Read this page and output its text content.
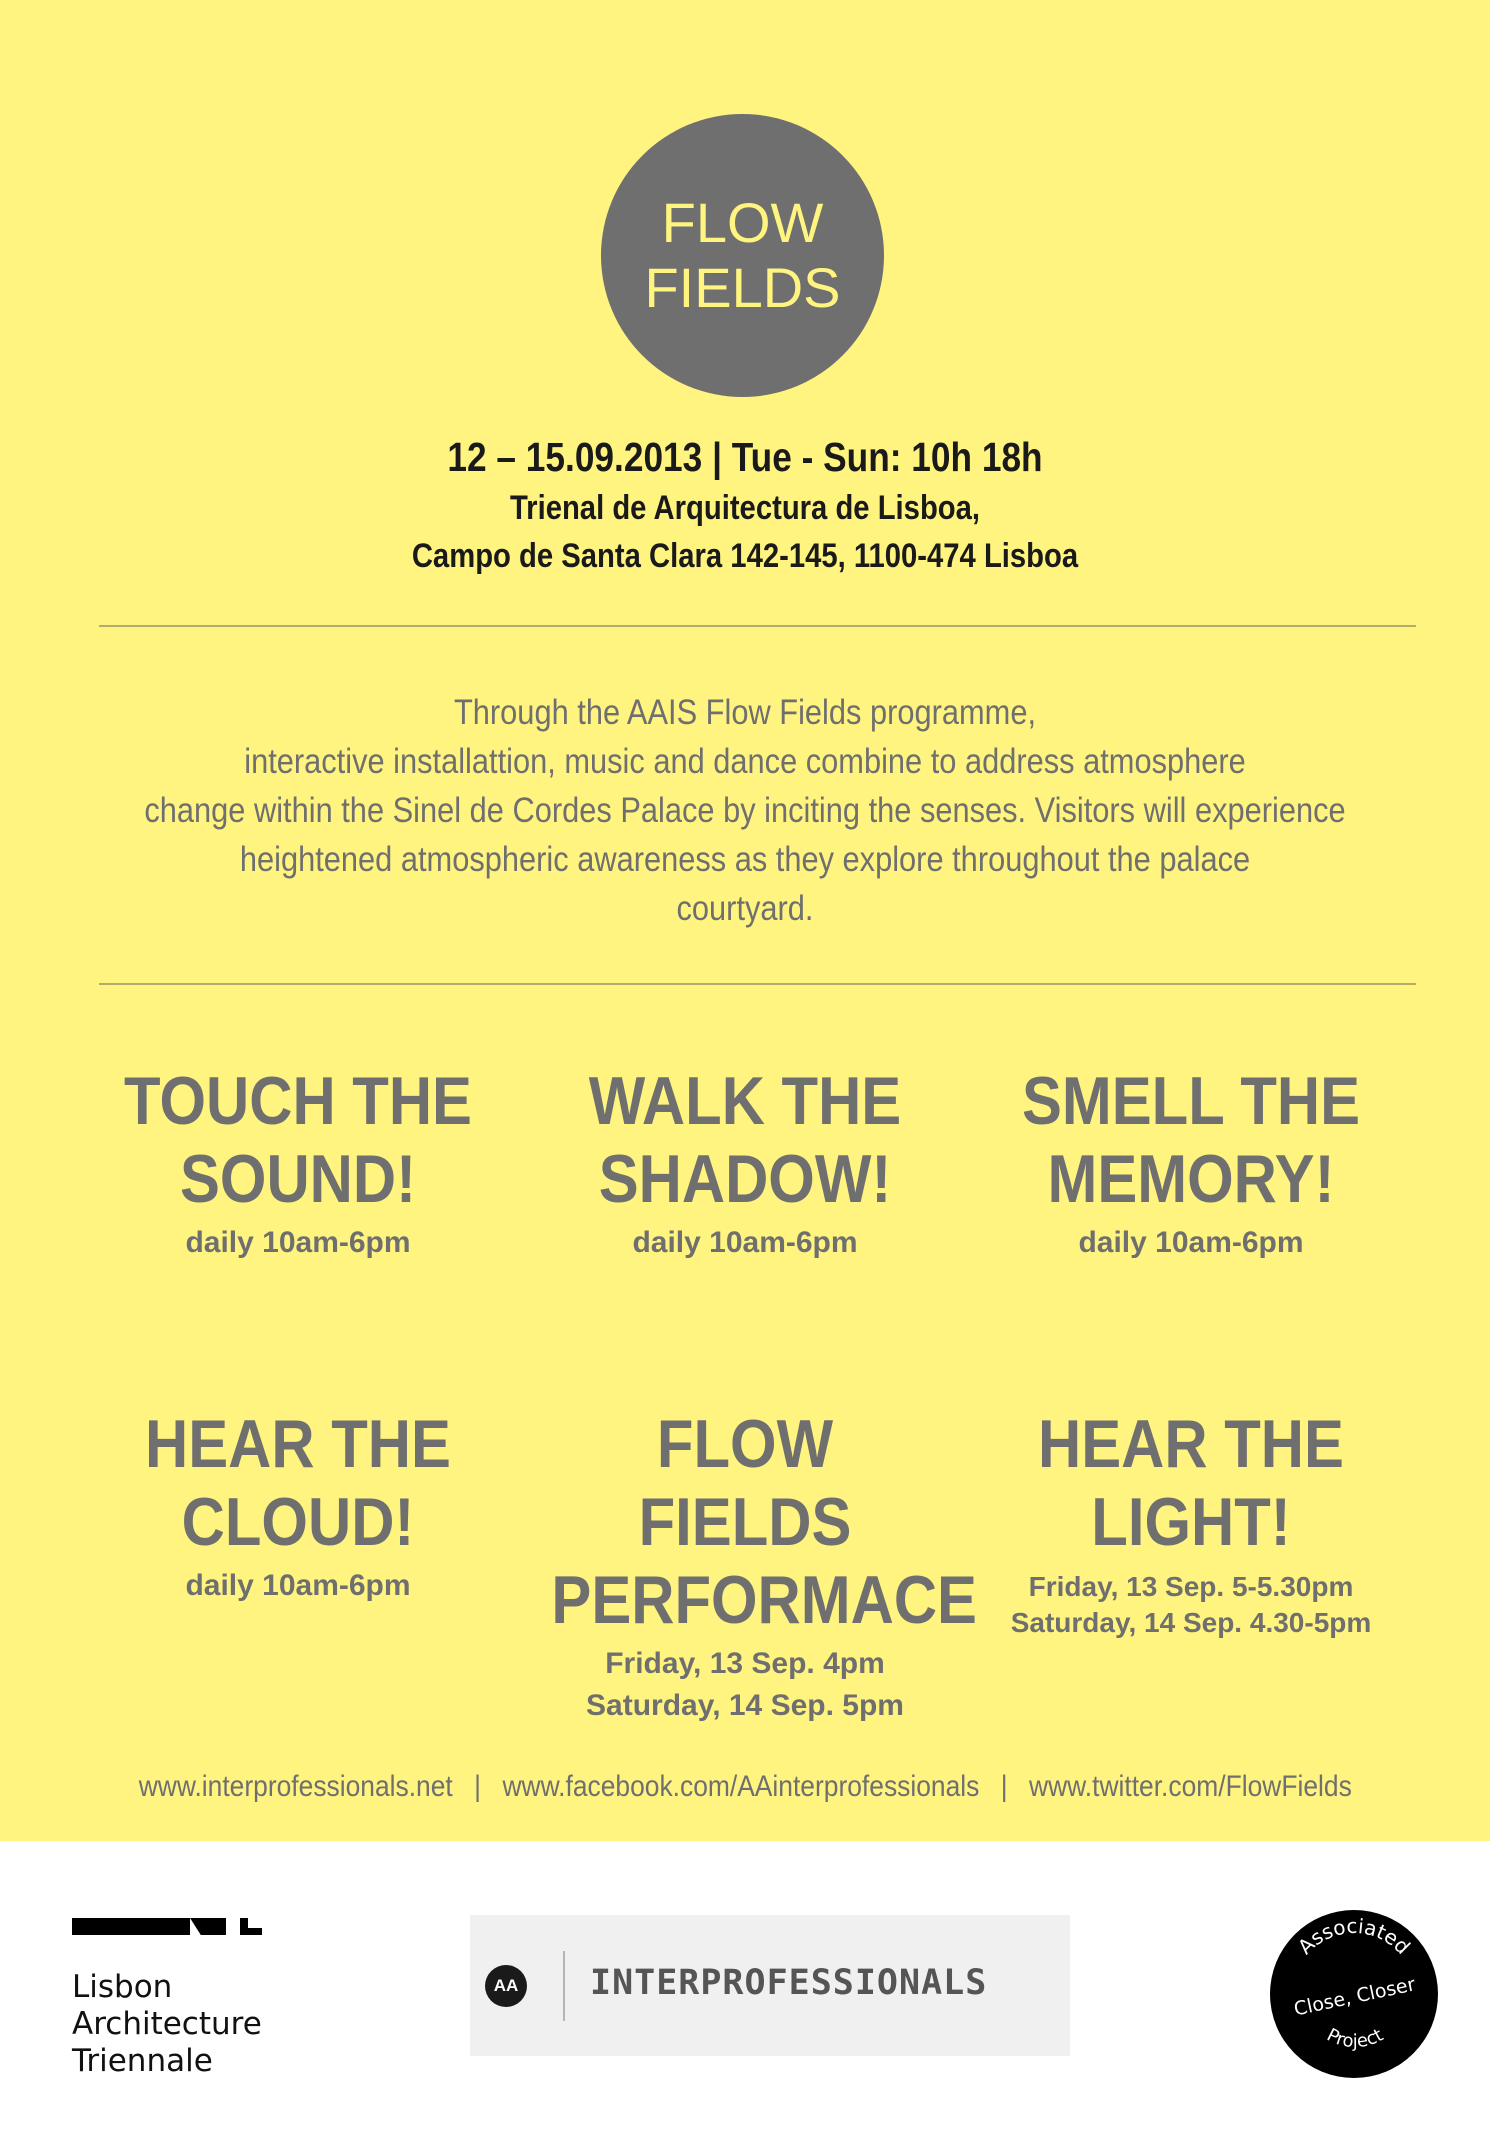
FLOW
FIELDS
12 – 15.09.2013 | Tue - Sun: 10h 18h
Trienal de Arquitectura de Lisboa,
Campo de Santa Clara 142-145, 1100-474 Lisboa
Through the AAIS Flow Fields programme,
interactive installattion, music and dance combine to address atmosphere
change within the Sinel de Cordes Palace by inciting the senses. Visitors will experience
heightened atmospheric awareness as they explore throughout the palace
courtyard.
TOUCH THE
SOUND!
daily 10am-6pm
WALK THE
SHADOW!
daily 10am-6pm
SMELL THE
MEMORY!
daily 10am-6pm
HEAR THE
CLOUD!
daily 10am-6pm
FLOW FIELDS
PERFORMACE
Friday, 13 Sep. 4pm
Saturday, 14 Sep. 5pm
HEAR THE
LIGHT!
Friday, 13 Sep. 5-5.30pm
Saturday, 14 Sep. 4.30-5pm
www.interprofessionals.net | www.facebook.com/AAinterprofessionals | www.twitter.com/FlowFields
Lisbon
Architecture
Triennale
AA INTERPROFESSIONALS
Associated
Close, Closer
Project
